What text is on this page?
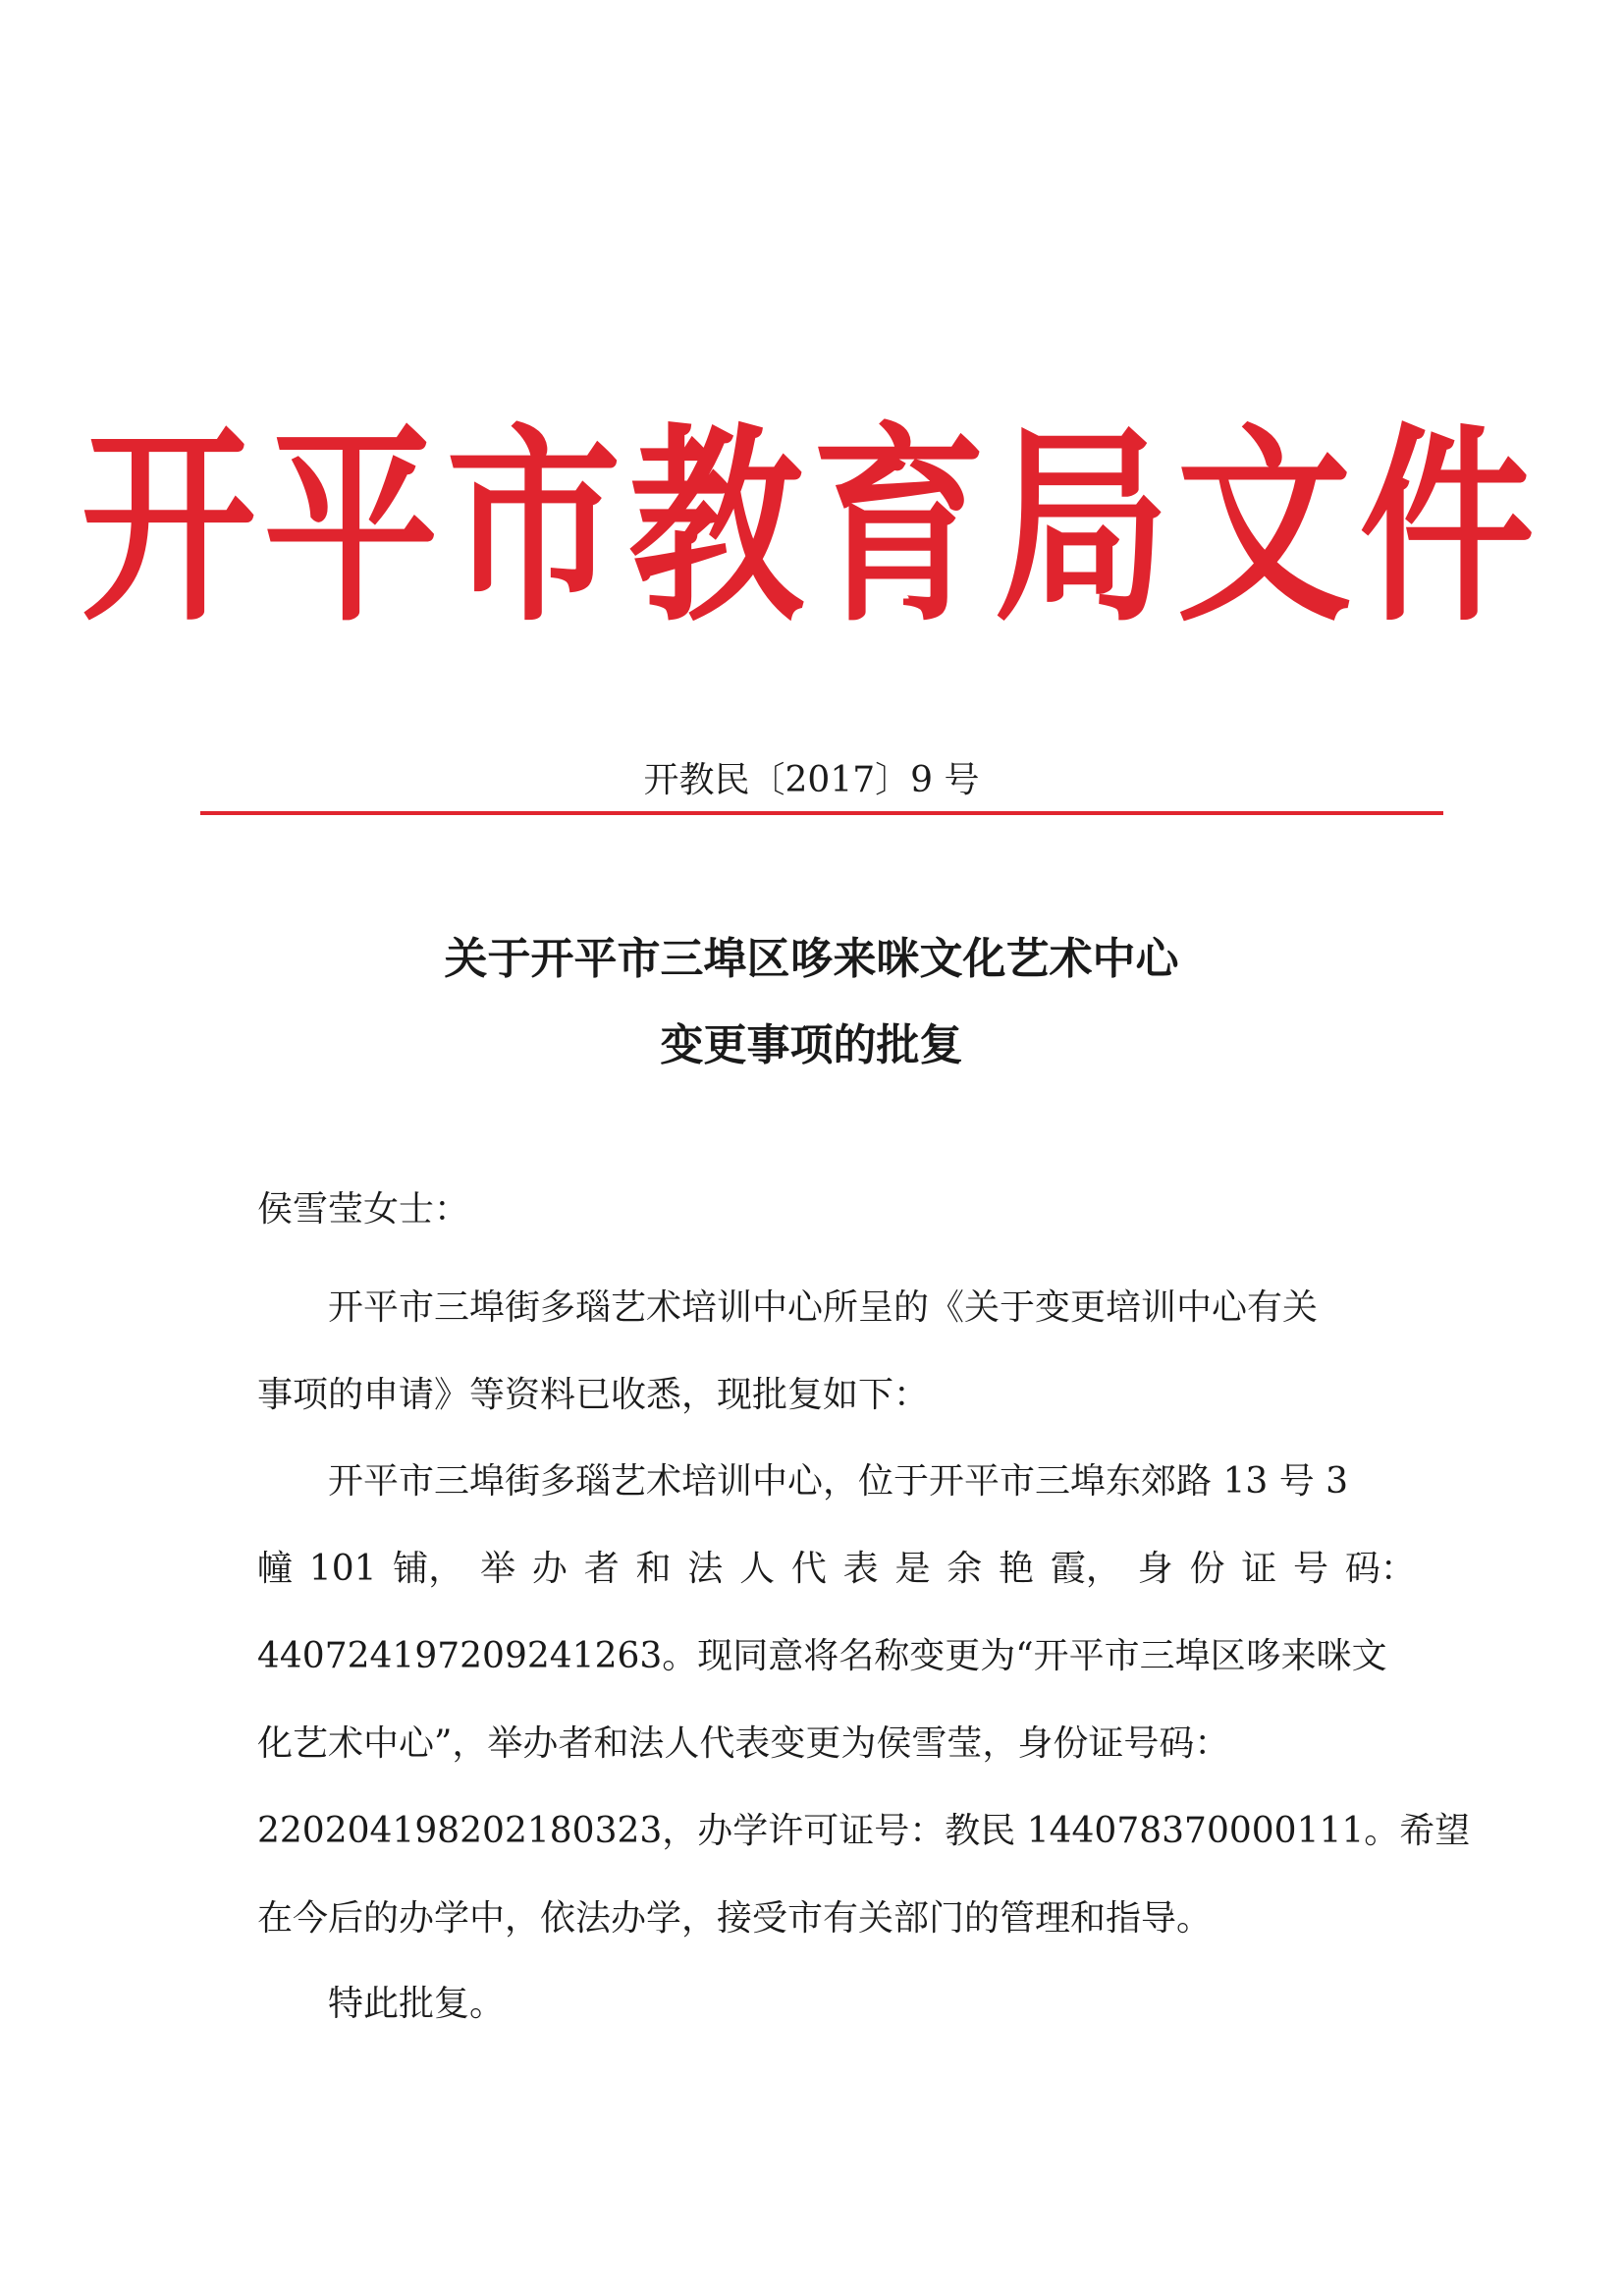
开平市教育局文件
开教民〔2017〕9 号
关于开平市三埠区哆来咪文化艺术中心
变更事项的批复
侯雪莹女士：
开平市三埠街多瑙艺术培训中心所呈的《关于变更培训中心有关
事项的申请》等资料已收悉，现批复如下：
开平市三埠街多瑙艺术培训中心，位于开平市三埠东郊路 13 号 3
幢 101 铺， 举 办 者 和 法 人 代 表 是 余 艳 霞， 身 份 证 号 码：
440724197209241263。现同意将名称变更为“开平市三埠区哆来咪文
化艺术中心”，举办者和法人代表变更为侯雪莹，身份证号码：
220204198202180323，办学许可证号：教民 144078370000111。希望
在今后的办学中，依法办学，接受市有关部门的管理和指导。
特此批复。
